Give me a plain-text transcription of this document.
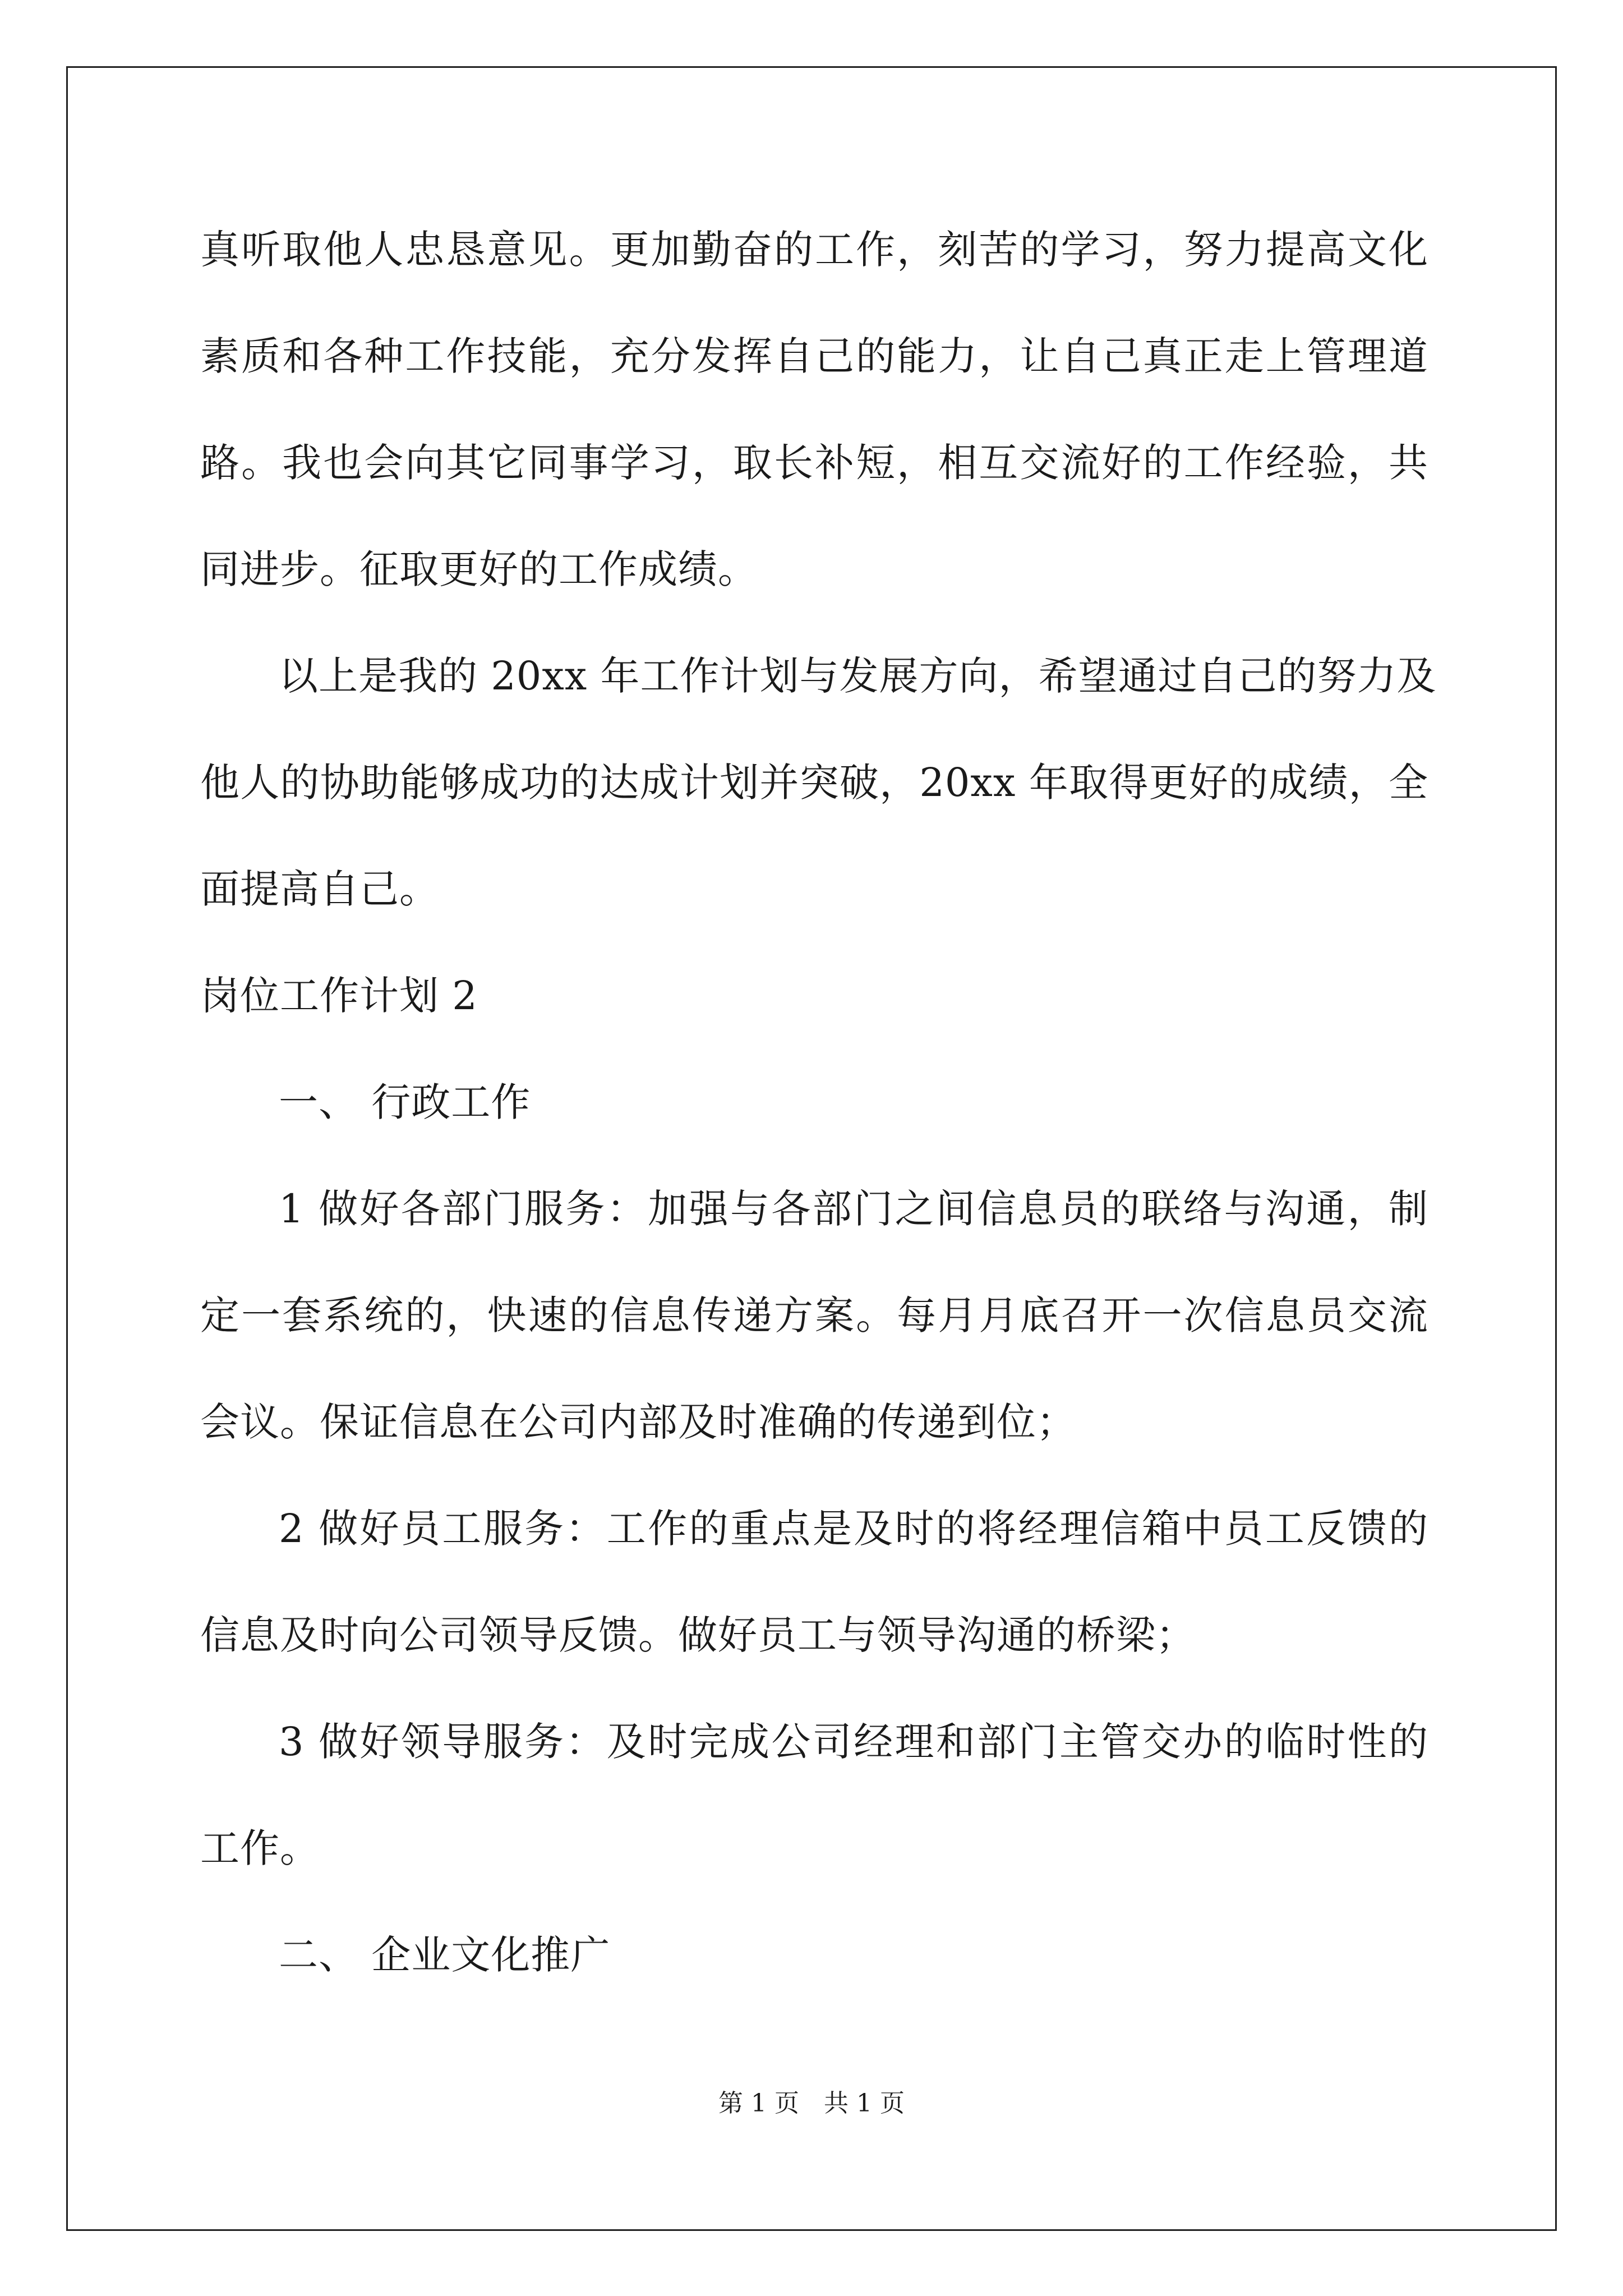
真听取他人忠恳意见。更加勤奋的工作，刻苦的学习，努力提高文化

素质和各种工作技能，充分发挥自己的能力，让自己真正走上管理道

路。我也会向其它同事学习，取长补短，相互交流好的工作经验，共

同进步。征取更好的工作成绩。

以上是我的 20xx 年工作计划与发展方向，希望通过自己的努力及

他人的协助能够成功的达成计划并突破，20xx 年取得更好的成绩，全

面提高自己。

岗位工作计划 2

一、 行政工作

1 做好各部门服务：加强与各部门之间信息员的联络与沟通，制

定一套系统的，快速的信息传递方案。每月月底召开一次信息员交流

会议。保证信息在公司内部及时准确的传递到位；

2 做好员工服务：工作的重点是及时的将经理信箱中员工反馈的

信息及时向公司领导反馈。做好员工与领导沟通的桥梁；

3 做好领导服务：及时完成公司经理和部门主管交办的临时性的

工作。

二、 企业文化推广

第 1 页　共 1 页
